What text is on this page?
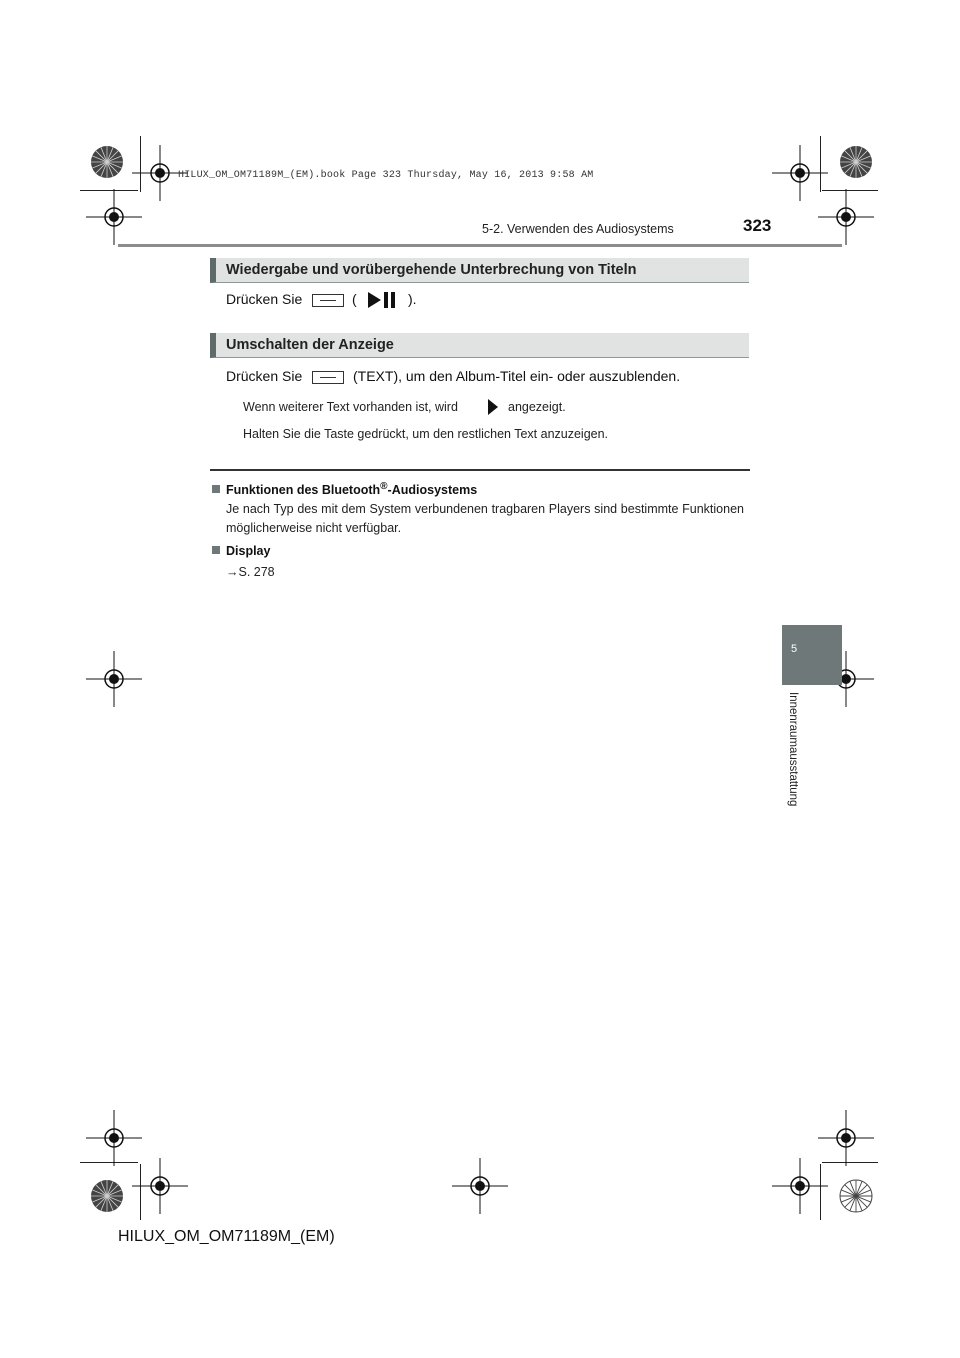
HILUX_OM_OM71189M_(EM).book Page 323 Thursday, May 16, 2013 9:58 AM
5-2. Verwenden des Audiosystems	323
Wiedergabe und vorübergehende Unterbrechung von Titeln
Drücken Sie	(	).
Umschalten der Anzeige
Drücken Sie	(TEXT), um den Album-Titel ein- oder auszublenden.
Wenn weiterer Text vorhanden ist, wird	angezeigt.
Halten Sie die Taste gedrückt, um den restlichen Text anzuzeigen.
Funktionen des Bluetooth®-Audiosystems
Je nach Typ des mit dem System verbundenen tragbaren Players sind bestimmte Funktionen möglicherweise nicht verfügbar.
Display
→S. 278
5
Innenraumausstattung
HILUX_OM_OM71189M_(EM)
